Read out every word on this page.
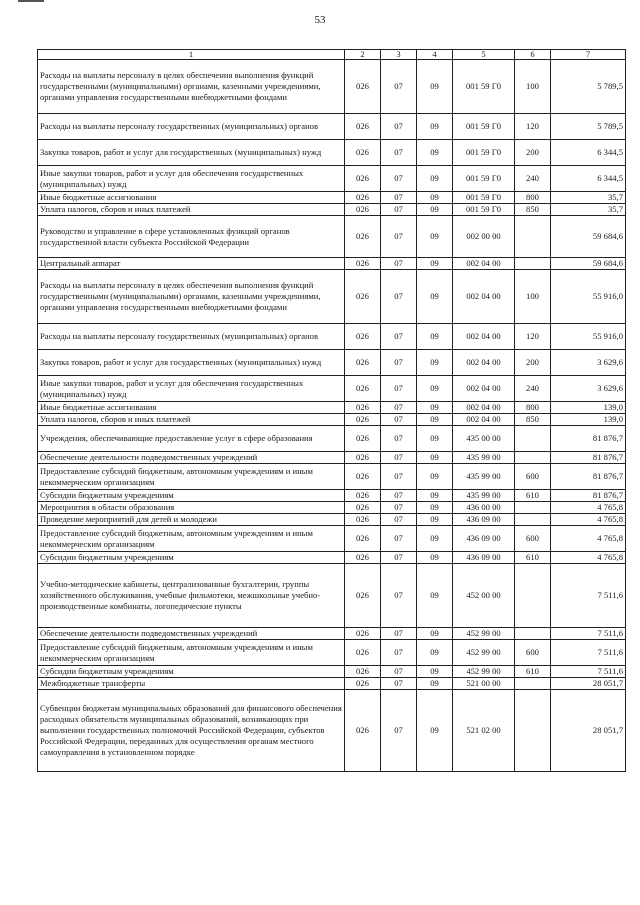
53
1	2	3	4	5	6	7
Расходы на выплаты персоналу в целях обеспечения выполнения функций государственными (муниципальными) органами, казенными учреждениями, органами управления государственными внебюджетными фондами	026	07	09	001 59 Г0	100	5 789,5
Расходы на выплаты персоналу государственных (муниципальных) органов	026	07	09	001 59 Г0	120	5 789,5
Закупка товаров, работ и услуг для государственных (муниципальных) нужд	026	07	09	001 59 Г0	200	6 344,5
Иные закупки товаров, работ и услуг для обеспечения государственных (муниципальных) нужд	026	07	09	001 59 Г0	240	6 344,5
Иные бюджетные ассигнования	026	07	09	001 59 Г0	800	35,7
Уплата налогов, сборов и иных платежей	026	07	09	001 59 Г0	850	35,7
Руководство и управление в сфере установленных функций органов государственной власти субъекта Российской Федерации	026	07	09	002 00 00		59 684,6
Центральный аппарат	026	07	09	002 04 00		59 684,6
Расходы на выплаты персоналу в целях обеспечения выполнения функций государственными (муниципальными) органами, казенными учреждениями, органами управления государственными внебюджетными фондами	026	07	09	002 04 00	100	55 916,0
Расходы на выплаты персоналу государственных (муниципальных) органов	026	07	09	002 04 00	120	55 916,0
Закупка товаров, работ и услуг для государственных (муниципальных) нужд	026	07	09	002 04 00	200	3 629,6
Иные закупки товаров, работ и услуг для обеспечения государственных (муниципальных) нужд	026	07	09	002 04 00	240	3 629,6
Иные бюджетные ассигнования	026	07	09	002 04 00	800	139,0
Уплата налогов, сборов и иных платежей	026	07	09	002 04 00	850	139,0
Учреждения, обеспечивающие предоставление услуг в сфере образования	026	07	09	435 00 00		81 876,7
Обеспечение деятельности подведомственных учреждений	026	07	09	435 99 00		81 876,7
Предоставление субсидий бюджетным, автономным учреждениям и иным некоммерческим организациям	026	07	09	435 99 00	600	81 876,7
Субсидии бюджетным учреждениям	026	07	09	435 99 00	610	81 876,7
Мероприятия в области образования	026	07	09	436 00 00		4 765,8
Проведение мероприятий для детей и молодежи	026	07	09	436 09 00		4 765,8
Предоставление субсидий бюджетным, автономным учреждениям и иным некоммерческим организациям	026	07	09	436 09 00	600	4 765,8
Субсидии бюджетным учреждениям	026	07	09	436 09 00	610	4 765,8
Учебно-методические кабинеты, централизованные бухгалтерии, группы хозяйственного обслуживания, учебные фильмотеки, межшкольные учебно-производственные комбинаты, логопедические пункты	026	07	09	452 00 00		7 511,6
Обеспечение деятельности подведомственных учреждений	026	07	09	452 99 00		7 511,6
Предоставление субсидий бюджетным, автономным учреждениям и иным некоммерческим организациям	026	07	09	452 99 00	600	7 511,6
Субсидии бюджетным учреждениям	026	07	09	452 99 00	610	7 511,6
Межбюджетные трансферты	026	07	09	521 00 00		28 051,7
Субвенции бюджетам муниципальных образований для финансового обеспечения расходных обязательств муниципальных образований, возникающих при выполнении государственных полномочий Российской Федерации, субъектов Российской Федерации, переданных для осуществления органам местного самоуправления в установленном порядке	026	07	09	521 02 00		28 051,7
